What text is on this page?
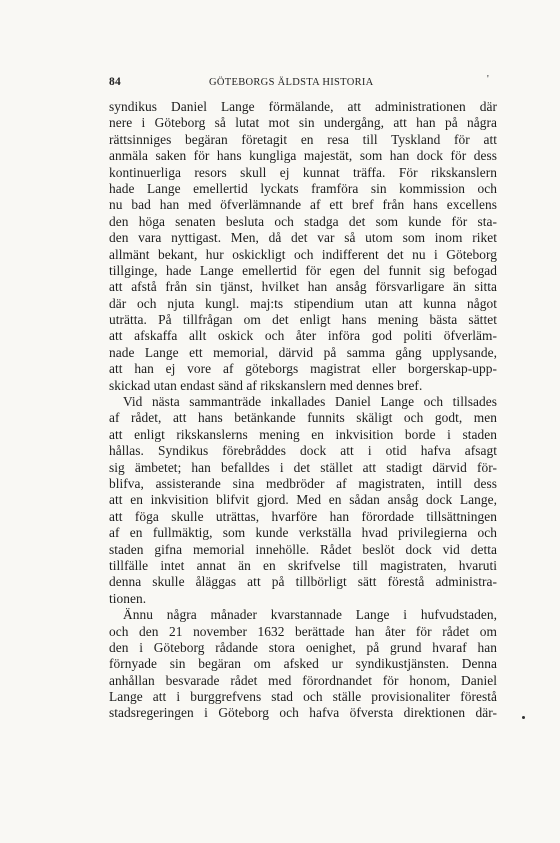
84	GÖTEBORGS ÄLDSTA HISTORIA	'
syndikus Daniel Lange förmälande, att administrationen där
nere i Göteborg så lutat mot sin undergång, att han på några
rättsinniges begäran företagit en resa till Tyskland för att
anmäla saken för hans kungliga majestät, som han dock för dess
kontinuerliga resors skull ej kunnat träffa. För rikskanslern
hade Lange emellertid lyckats framföra sin kommission och
nu bad han med öfverlämnande af ett bref från hans excellens
den höga senaten besluta och stadga det som kunde för sta-
den vara nyttigast. Men, då det var så utom som inom riket
allmänt bekant, hur oskickligt och indifferent det nu i Göteborg
tillginge, hade Lange emellertid för egen del funnit sig befogad
att afstå från sin tjänst, hvilket han ansåg försvarligare än sitta
där och njuta kungl. maj:ts stipendium utan att kunna något
uträtta. På tillfrågan om det enligt hans mening bästa sättet
att afskaffa allt oskick och åter införa god politi öfverläm-
nade Lange ett memorial, därvid på samma gång upplysande,
att han ej vore af göteborgs magistrat eller borgerskap-upp-
skickad utan endast sänd af rikskanslern med dennes bref.
Vid nästa sammanträde inkallades Daniel Lange och tillsades
af rådet, att hans betänkande funnits skäligt och godt, men
att enligt rikskanslerns mening en inkvisition borde i staden
hållas. Syndikus förebråddes dock att i otid hafva afsagt
sig ämbetet; han befalldes i det stället att stadigt därvid för-
blifva, assisterande sina medbröder af magistraten, intill dess
att en inkvisition blifvit gjord. Med en sådan ansåg dock Lange,
att föga skulle uträttas, hvarföre han förordade tillsättningen
af en fullmäktig, som kunde verkställa hvad privilegierna och
staden gifna memorial innehölle. Rådet beslöt dock vid detta
tillfälle intet annat än en skrifvelse till magistraten, hvaruti
denna skulle åläggas att på tillbörligt sätt förestå administra-
tionen.
Ännu några månader kvarstannade Lange i hufvudstaden,
och den 21 november 1632 berättade han åter för rådet om
den i Göteborg rådande stora oenighet, på grund hvaraf han
förnyade sin begäran om afsked ur syndikustjänsten. Denna
anhållan besvarade rådet med förordnandet för honom, Daniel
Lange att i burggrefvens stad och ställe provisionaliter förestå
stadsregeringen i Göteborg och hafva öfversta direktionen där-
